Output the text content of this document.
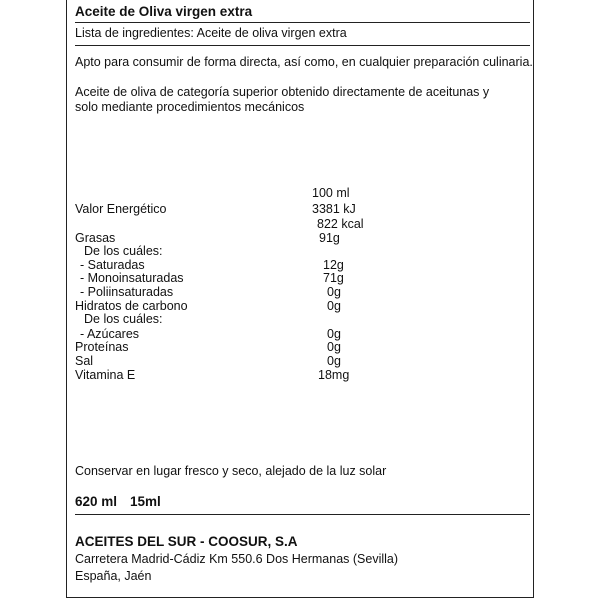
Aceite de Oliva virgen extra
Lista de ingredientes: Aceite de oliva virgen extra
Apto para consumir de forma directa, así como, en cualquier preparación culinaria.
Aceite de oliva de categoría superior obtenido directamente de aceitunas y solo mediante procedimientos mecánicos
100 ml
Valor Energético	3381 kJ
822 kcal
Grasas	91g
De los cuáles:
- Saturadas	12g
- Monoinsaturadas	71g
- Poliinsaturadas	0g
Hidratos de carbono	0g
De los cuáles:
- Azúcares	0g
Proteínas	0g
Sal	0g
Vitamina E	18mg
Conservar en lugar fresco y seco, alejado de la luz solar
620 ml 15ml
ACEITES DEL SUR - COOSUR, S.A
Carretera Madrid-Cádiz Km 550.6 Dos Hermanas (Sevilla)
España, Jaén
